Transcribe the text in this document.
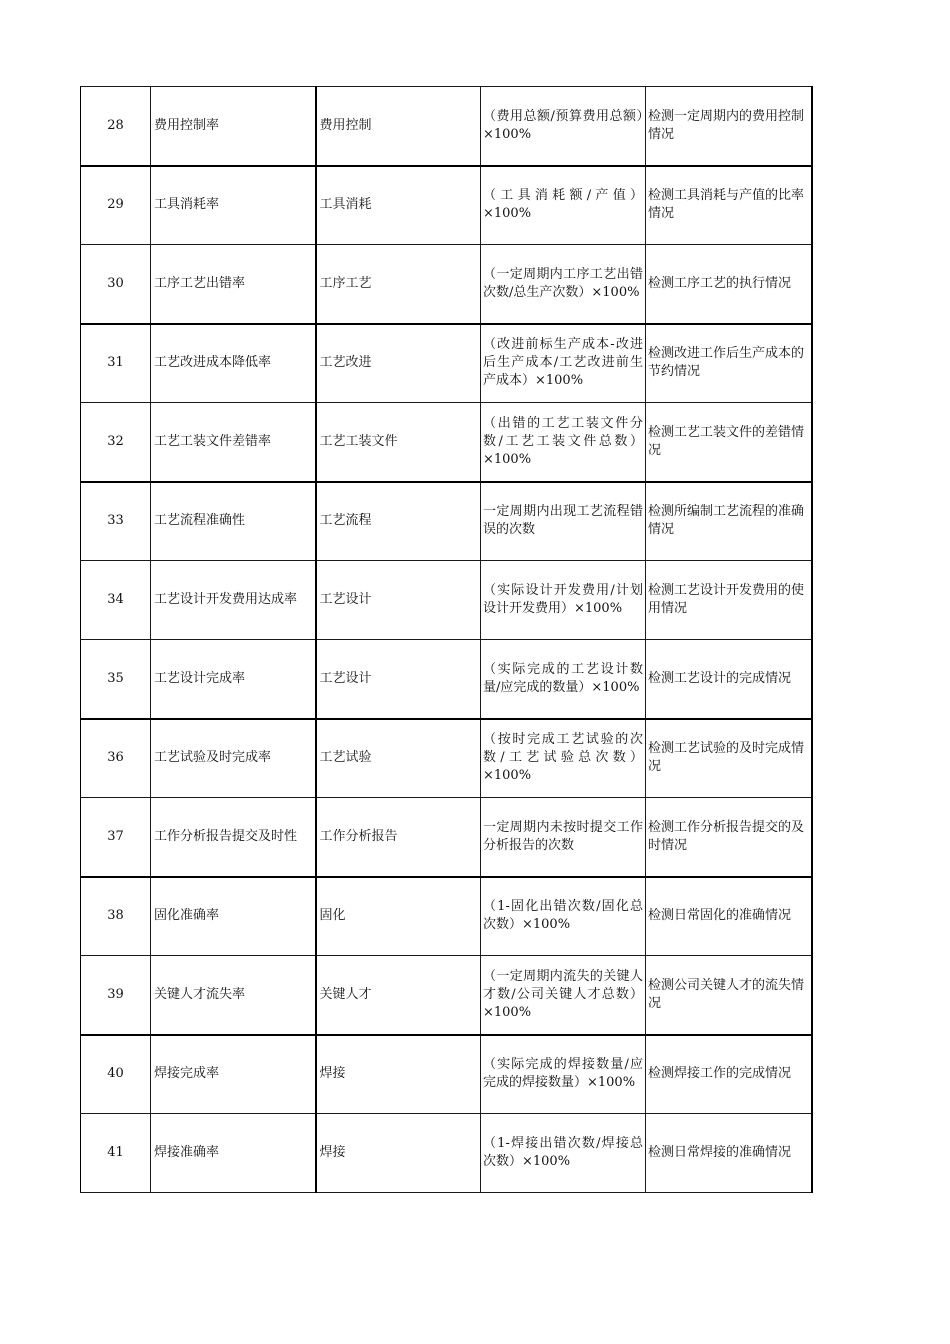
28	费用控制率	费用控制	（费用总额/预算费用总额）×100%	检测一定周期内的费用控制情况
29	工具消耗率	工具消耗	（工具消耗额/产值）×100%	检测工具消耗与产值的比率情况
30	工序工艺出错率	工序工艺	（一定周期内工序工艺出错次数/总生产次数）×100%	检测工序工艺的执行情况
31	工艺改进成本降低率	工艺改进	（改进前标生产成本-改进后生产成本/工艺改进前生产成本）×100%	检测改进工作后生产成本的节约情况
32	工艺工装文件差错率	工艺工装文件	（出错的工艺工装文件分数/工艺工装文件总数）×100%	检测工艺工装文件的差错情况
33	工艺流程准确性	工艺流程	一定周期内出现工艺流程错误的次数	检测所编制工艺流程的准确情况
34	工艺设计开发费用达成率	工艺设计	（实际设计开发费用/计划设计开发费用）×100%	检测工艺设计开发费用的使用情况
35	工艺设计完成率	工艺设计	（实际完成的工艺设计数量/应完成的数量）×100%	检测工艺设计的完成情况
36	工艺试验及时完成率	工艺试验	（按时完成工艺试验的次数/工艺试验总次数）×100%	检测工艺试验的及时完成情况
37	工作分析报告提交及时性	工作分析报告	一定周期内未按时提交工作分析报告的次数	检测工作分析报告提交的及时情况
38	固化准确率	固化	（1-固化出错次数/固化总次数）×100%	检测日常固化的准确情况
39	关键人才流失率	关键人才	（一定周期内流失的关键人才数/公司关键人才总数）×100%	检测公司关键人才的流失情况
40	焊接完成率	焊接	（实际完成的焊接数量/应完成的焊接数量）×100%	检测焊接工作的完成情况
41	焊接准确率	焊接	（1-焊接出错次数/焊接总次数）×100%	检测日常焊接的准确情况
